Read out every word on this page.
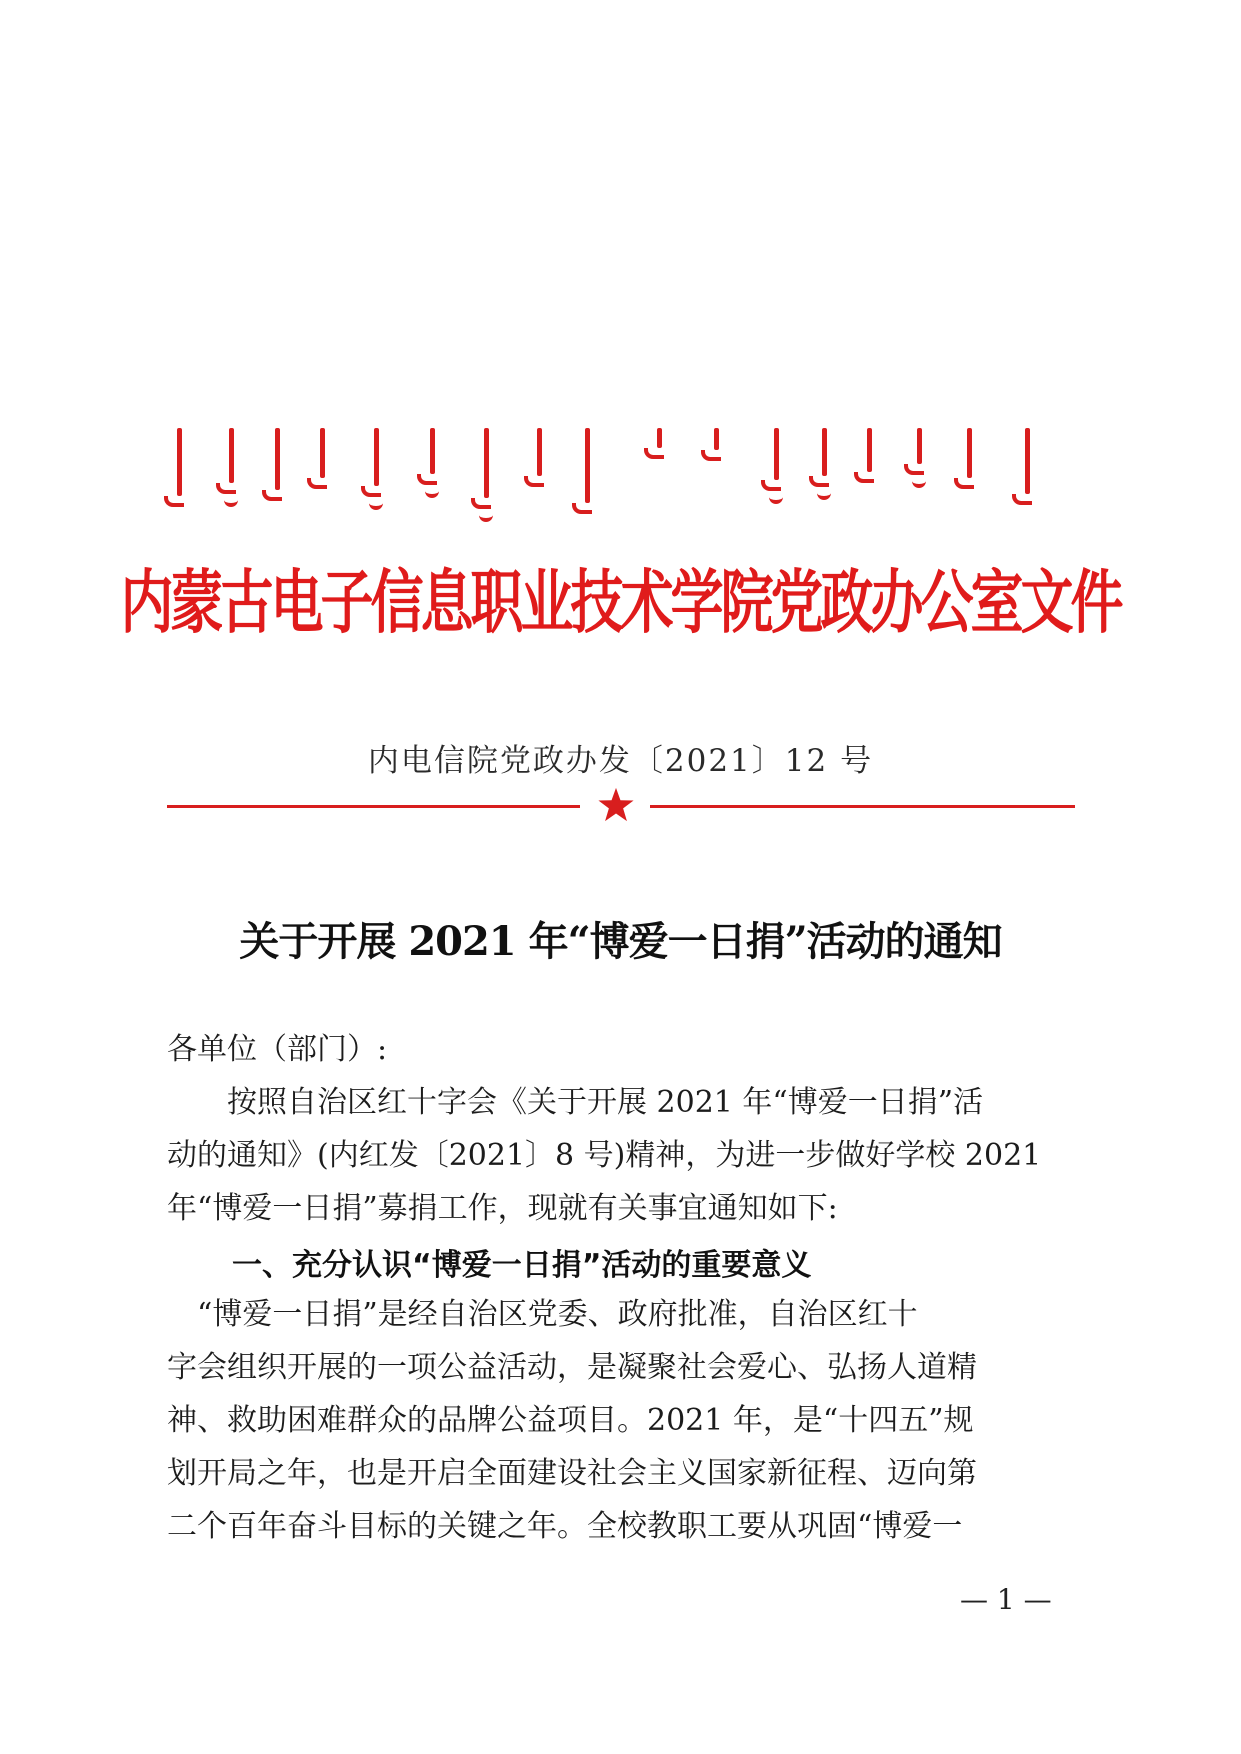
内蒙古电子信息职业技术学院党政办公室文件
内电信院党政办发〔2021〕12 号
关于开展 2021 年“博爱一日捐”活动的通知
各单位（部门）:
　　按照自治区红十字会《关于开展 2021 年“博爱一日捐”活
动的通知》(内红发〔2021〕8 号)精神，为进一步做好学校 2021
年“博爱一日捐”募捐工作，现就有关事宜通知如下:
一、充分认识“博爱一日捐”活动的重要意义
　“博爱一日捐”是经自治区党委、政府批准，自治区红十
字会组织开展的一项公益活动，是凝聚社会爱心、弘扬人道精
神、救助困难群众的品牌公益项目。2021 年，是“十四五”规
划开局之年，也是开启全面建设社会主义国家新征程、迈向第
二个百年奋斗目标的关键之年。全校教职工要从巩固“博爱一
— 1 —
